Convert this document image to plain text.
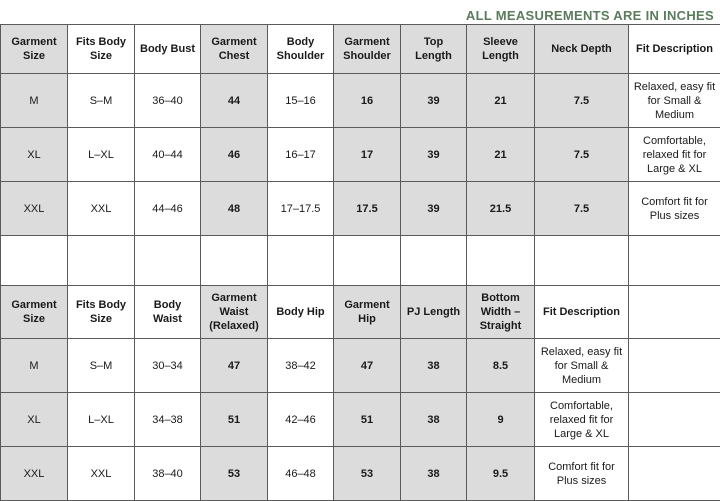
ALL MEASUREMENTS ARE IN INCHES
Garment Size	Fits Body Size	Body Bust	Garment Chest	Body Shoulder	Garment Shoulder	Top Length	Sleeve Length	Neck Depth	Fit Description
M	S–M	36–40	44	15–16	16	39	21	7.5	Relaxed, easy fit for Small & Medium
XL	L–XL	40–44	46	16–17	17	39	21	7.5	Comfortable, relaxed fit for Large & XL
XXL	XXL	44–46	48	17–17.5	17.5	39	21.5	7.5	Comfort fit for Plus sizes

Garment Size	Fits Body Size	Body Waist	Garment Waist (Relaxed)	Body Hip	Garment Hip	PJ Length	Bottom Width – Straight	Fit Description	
M	S–M	30–34	47	38–42	47	38	8.5	Relaxed, easy fit for Small & Medium	
XL	L–XL	34–38	51	42–46	51	38	9	Comfortable, relaxed fit for Large & XL	
XXL	XXL	38–40	53	46–48	53	38	9.5	Comfort fit for Plus sizes	
